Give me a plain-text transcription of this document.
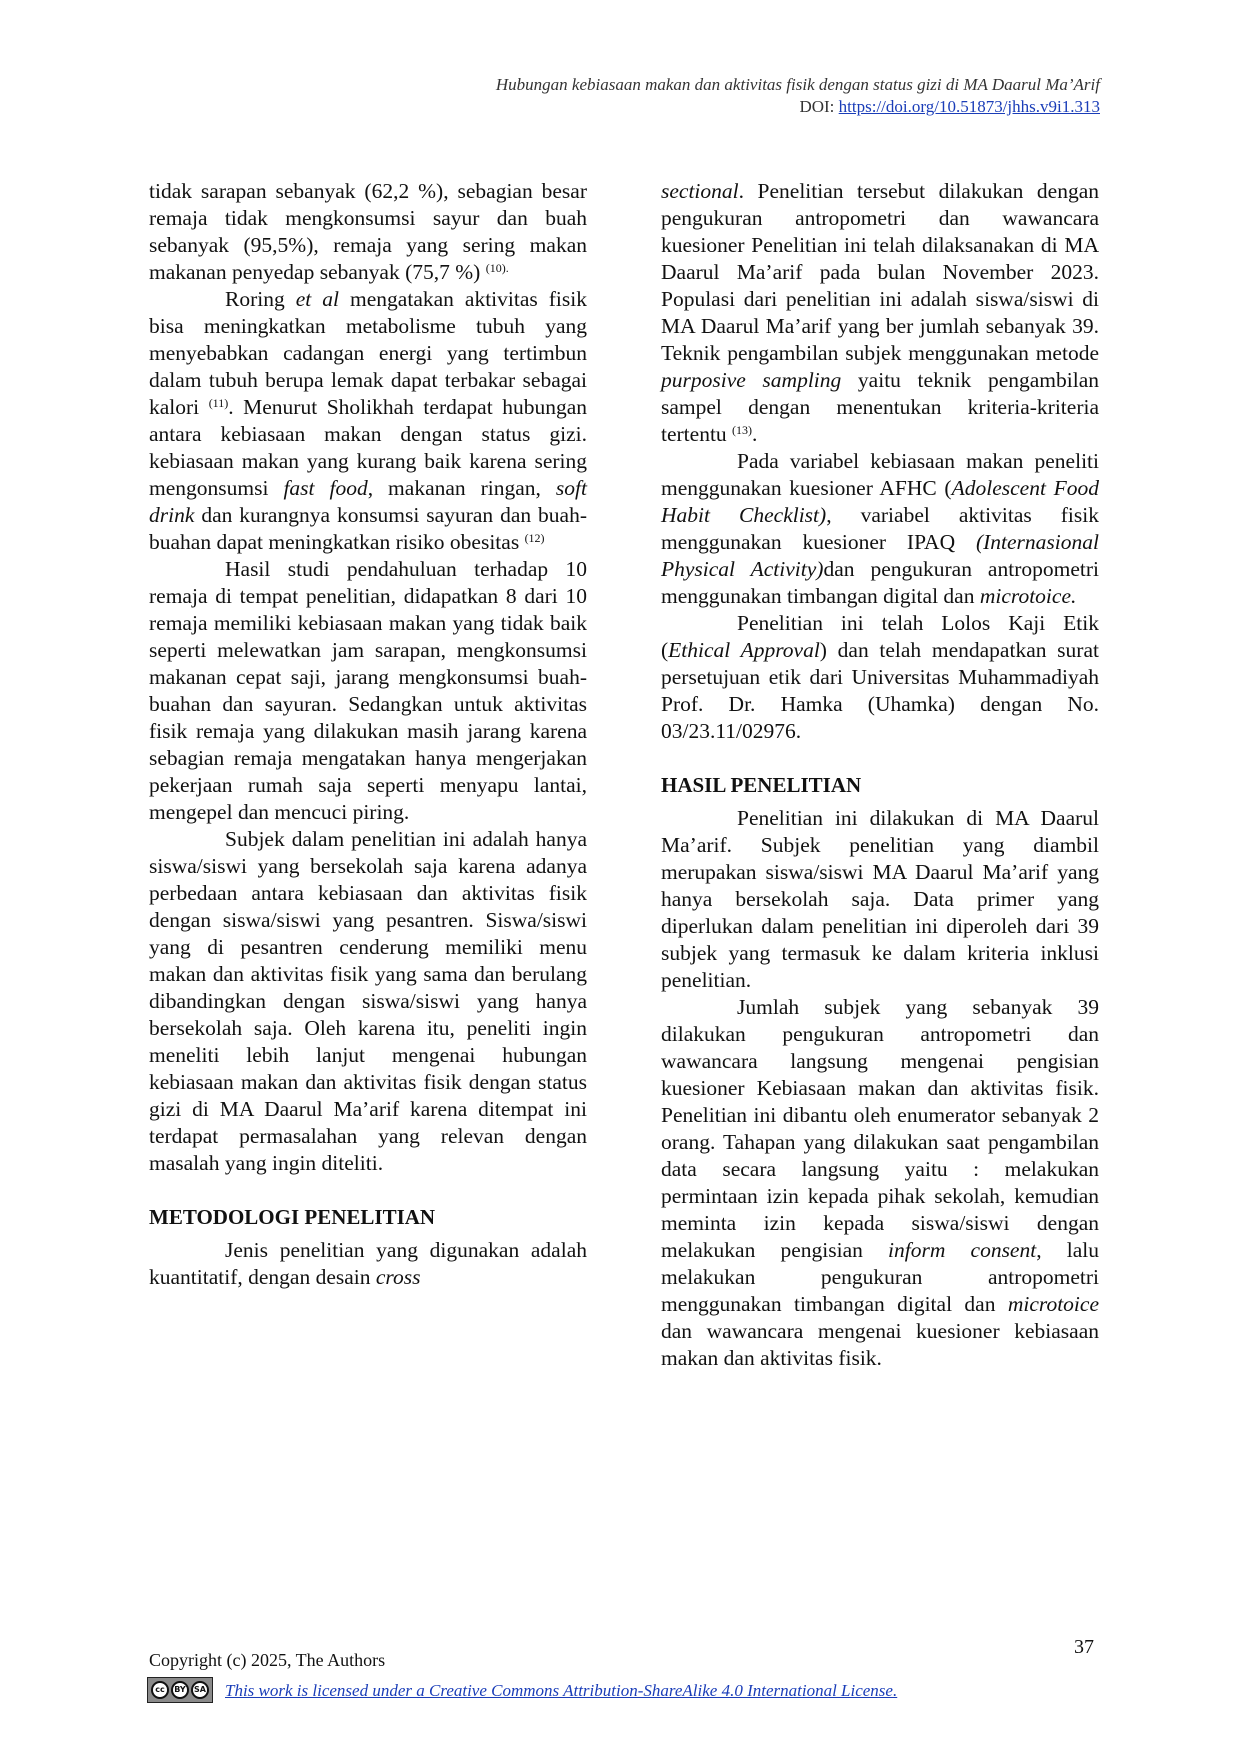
Hubungan kebiasaan makan dan aktivitas fisik dengan status gizi di MA Daarul Ma’Arif
DOI: https://doi.org/10.51873/jhhs.v9i1.313

tidak sarapan sebanyak (62,2 %), sebagian besar remaja tidak mengkonsumsi sayur dan buah sebanyak (95,5%), remaja yang sering makan makanan penyedap sebanyak (75,7 %) $^{(10).}$

Roring et al mengatakan aktivitas fisik bisa meningkatkan metabolisme tubuh yang menyebabkan cadangan energi yang tertimbun dalam tubuh berupa lemak dapat terbakar sebagai kalori $^{(11)}$. Menurut Sholikhah terdapat hubungan antara kebiasaan makan dengan status gizi. kebiasaan makan yang kurang baik karena sering mengonsumsi fast food, makanan ringan, soft drink dan kurangnya konsumsi sayuran dan buah-buahan dapat meningkatkan risiko obesitas $^{(12)}$

Hasil studi pendahuluan terhadap 10 remaja di tempat penelitian, didapatkan 8 dari 10 remaja memiliki kebiasaan makan yang tidak baik seperti melewatkan jam sarapan, mengkonsumsi makanan cepat saji, jarang mengkonsumsi buah-buahan dan sayuran. Sedangkan untuk aktivitas fisik remaja yang dilakukan masih jarang karena sebagian remaja mengatakan hanya mengerjakan pekerjaan rumah saja seperti menyapu lantai, mengepel dan mencuci piring.

Subjek dalam penelitian ini adalah hanya siswa/siswi yang bersekolah saja karena adanya perbedaan antara kebiasaan dan aktivitas fisik dengan siswa/siswi yang pesantren. Siswa/siswi yang di pesantren cenderung memiliki menu makan dan aktivitas fisik yang sama dan berulang dibandingkan dengan siswa/siswi yang hanya bersekolah saja. Oleh karena itu, peneliti ingin meneliti lebih lanjut mengenai hubungan kebiasaan makan dan aktivitas fisik dengan status gizi di MA Daarul Ma’arif karena ditempat ini terdapat permasalahan yang relevan dengan masalah yang ingin diteliti.

METODOLOGI PENELITIAN

Jenis penelitian yang digunakan adalah kuantitatif, dengan desain cross

sectional. Penelitian tersebut dilakukan dengan pengukuran antropometri dan wawancara kuesioner Penelitian ini telah dilaksanakan di MA Daarul Ma’arif pada bulan November 2023. Populasi dari penelitian ini adalah siswa/siswi di MA Daarul Ma’arif yang ber jumlah sebanyak 39. Teknik pengambilan subjek menggunakan metode purposive sampling yaitu teknik pengambilan sampel dengan menentukan kriteria-kriteria tertentu $^{(13)}$.

Pada variabel kebiasaan makan peneliti menggunakan kuesioner AFHC (Adolescent Food Habit Checklist), variabel aktivitas fisik menggunakan kuesioner IPAQ (Internasional Physical Activity)dan pengukuran antropometri menggunakan timbangan digital dan microtoice.

Penelitian ini telah Lolos Kaji Etik (Ethical Approval) dan telah mendapatkan surat persetujuan etik dari Universitas Muhammadiyah Prof. Dr. Hamka (Uhamka) dengan No. 03/23.11/02976.

HASIL PENELITIAN

Penelitian ini dilakukan di MA Daarul Ma’arif. Subjek penelitian yang diambil merupakan siswa/siswi MA Daarul Ma’arif yang hanya bersekolah saja. Data primer yang diperlukan dalam penelitian ini diperoleh dari 39 subjek yang termasuk ke dalam kriteria inklusi penelitian.

Jumlah subjek yang sebanyak 39 dilakukan pengukuran antropometri dan wawancara langsung mengenai pengisian kuesioner Kebiasaan makan dan aktivitas fisik. Penelitian ini dibantu oleh enumerator sebanyak 2 orang. Tahapan yang dilakukan saat pengambilan data secara langsung yaitu : melakukan permintaan izin kepada pihak sekolah, kemudian meminta izin kepada siswa/siswi dengan melakukan pengisian inform consent, lalu melakukan pengukuran antropometri menggunakan timbangan digital dan microtoice dan wawancara mengenai kuesioner kebiasaan makan dan aktivitas fisik.

37
Copyright (c) 2025, The Authors
cc	BY	SA This work is licensed under a Creative Commons Attribution-ShareAlike 4.0 International License.
